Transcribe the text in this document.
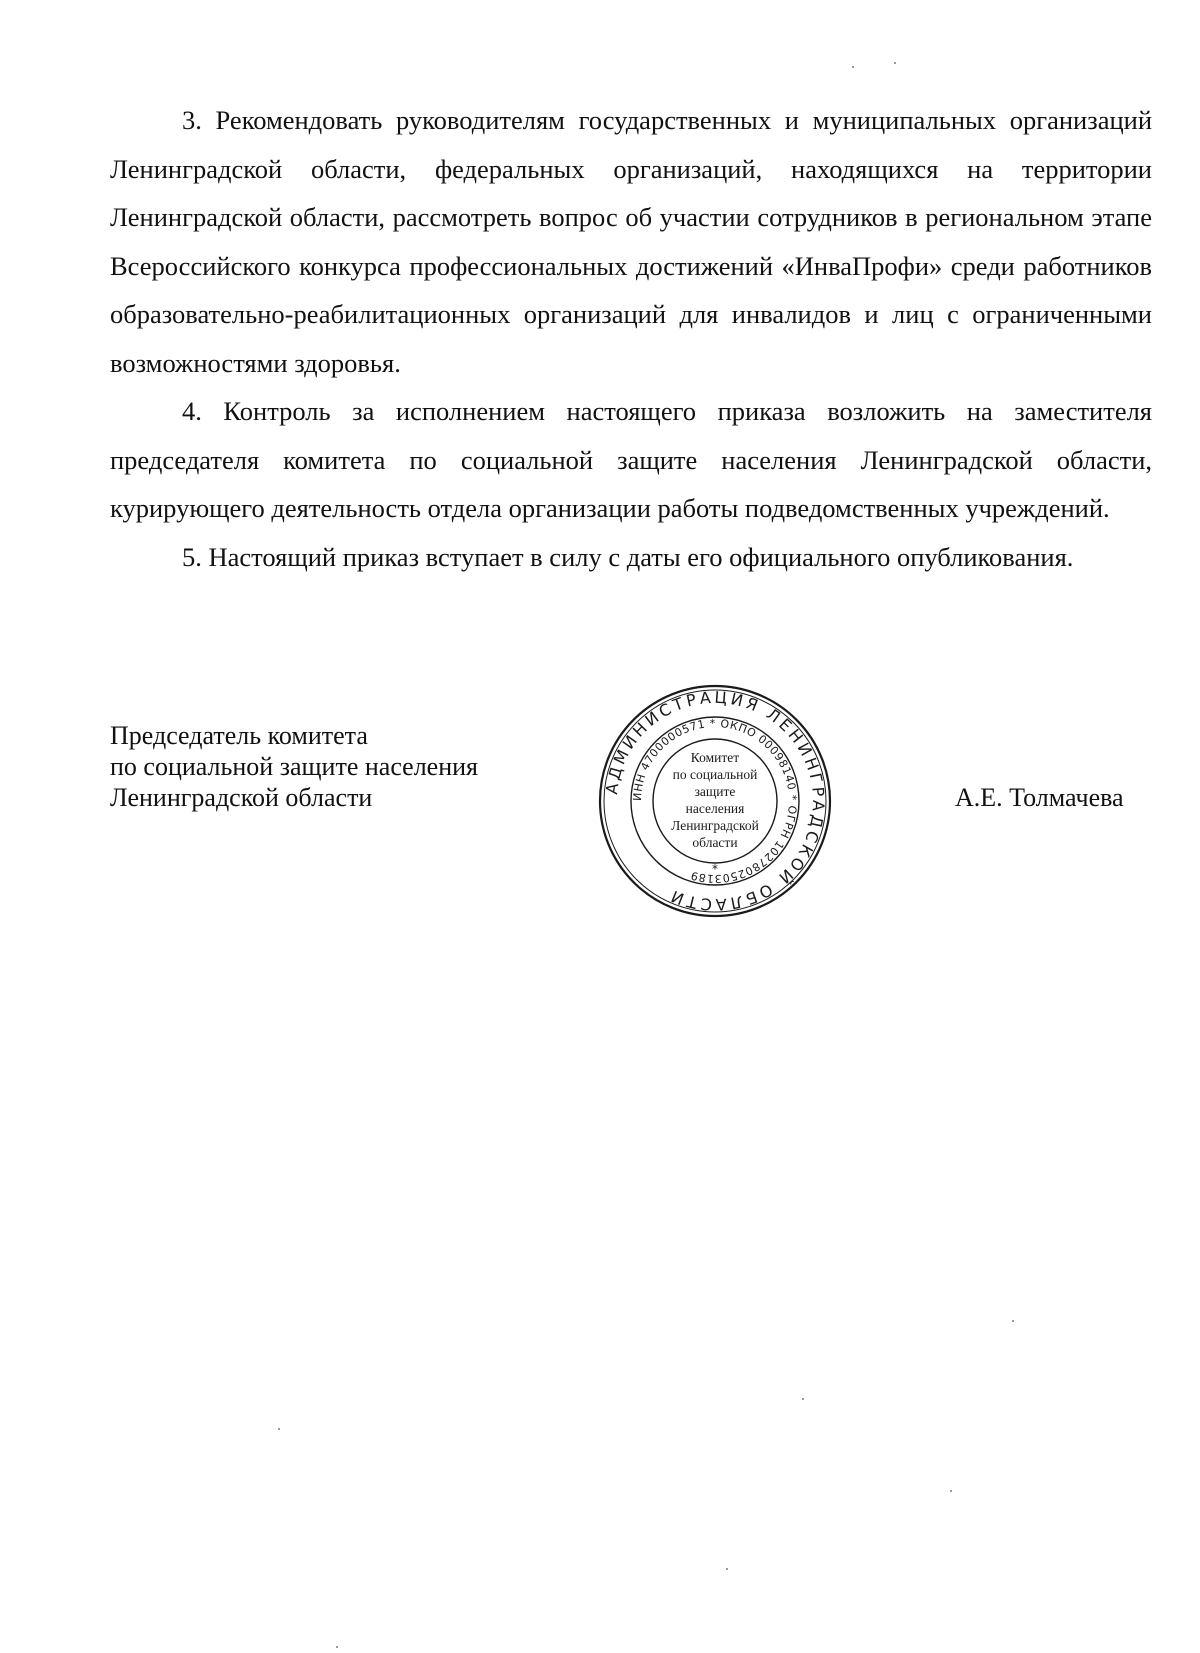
3. Рекомендовать руководителям государственных и муниципальных организаций Ленинградской области, федеральных организаций, находящихся на территории Ленинградской области, рассмотреть вопрос об участии сотрудников в региональном этапе Всероссийского конкурса профессиональных достижений «ИнваПрофи» среди работников образовательно-реабилитационных организаций для инвалидов и лиц с ограниченными возможностями здоровья.

4. Контроль за исполнением настоящего приказа возложить на заместителя председателя комитета по социальной защите населения Ленинградской области, курирующего деятельность отдела организации работы подведомственных учреждений.

5. Настоящий приказ вступает в силу с даты его официального опубликования.

Председатель комитета
по социальной защите населения
Ленинградской области	АДМИНИСТРАЦИЯ ЛЕНИНГРАДСКОЙ ОБЛАСТИ
ИНН 4700000571 * ОКПО 00098140 * ОГРН 1027802503189
Комитет
по социальной
защите
населения
Ленинградской
области
*
А.Е. Толмачева
